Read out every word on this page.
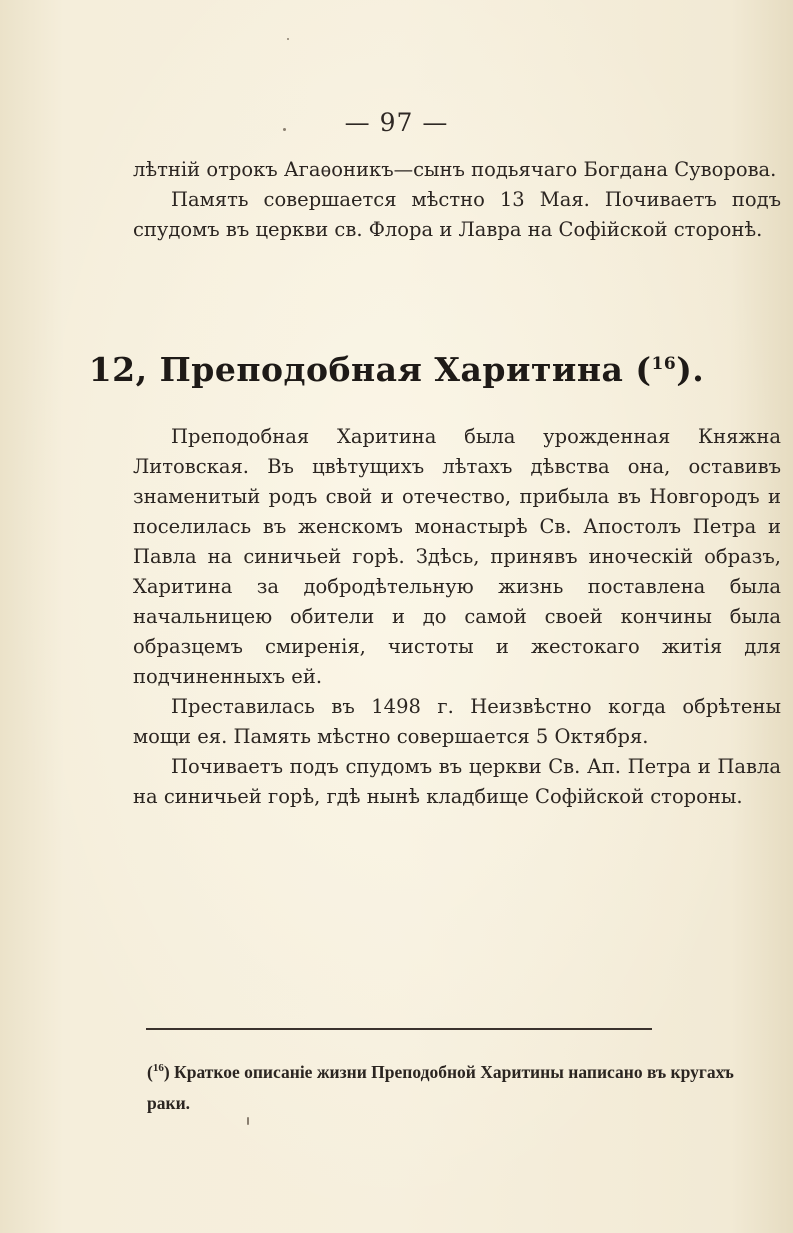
— 97 —

лѣтній отрокъ Агаѳоникъ—сынъ подьячаго Богдана Суворова.

Память совершается мѣстно 13 Мая. Почиваетъ подъ спудомъ въ церкви св. Флора и Лавра на Софійской сторонѣ.

12, Преподобная Харитина ($^{16}$).

Преподобная Харитина была урожденная Княжна Литовская. Въ цвѣтущихъ лѣтахъ дѣвства она, оставивъ знаменитый родъ свой и отечество, прибыла въ Новгородъ и поселилась въ женскомъ монастырѣ Св. Апостолъ Петра и Павла на синичьей горѣ. Здѣсь, принявъ иноческій образъ, Харитина за добродѣтельную жизнь поставлена была начальницею обители и до самой своей кончины была образцемъ смиренія, чистоты и жестокаго житія для подчиненныхъ ей.

Преставилась въ 1498 г. Неизвѣстно когда обрѣтены мощи ея. Память мѣстно совершается 5 Октября.

Почиваетъ подъ спудомъ въ церкви Св. Ап. Петра и Павла на синичьей горѣ, гдѣ нынѣ кладбище Софійской стороны.

($^{16}$) Краткое описаніе жизни Преподобной Харитины написано въ кругахъ раки.
